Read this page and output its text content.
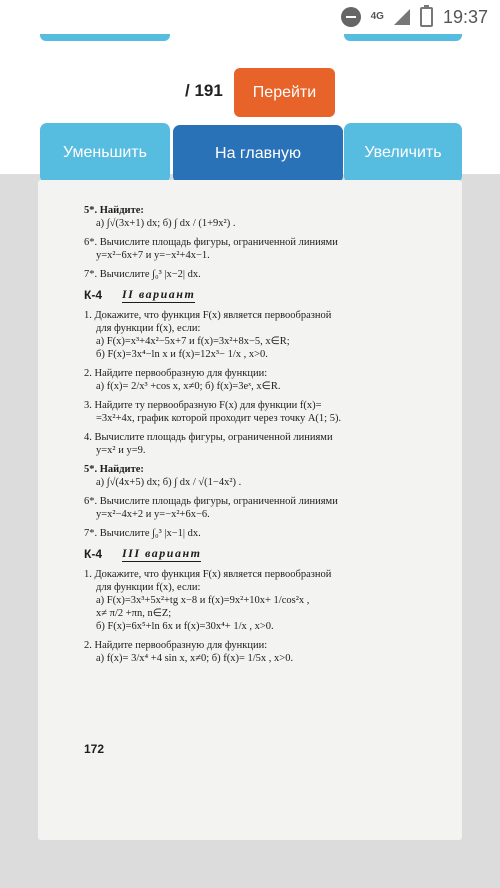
4G	19:37
/ 191	Перейти
Уменьшить	На главную	Увеличить

5*. Найдите:

а) ∫√(3x+1) dx; б) ∫ dx / (1+9x²) .

6*. Вычислите площадь фигуры, ограниченной линиями

y=x²−6x+7 и y=−x²+4x−1.

7*. Вычислите ∫₀³ |x−2| dx.

К-4 II вариант

1. Докажите, что функция F(x) является первообразной

для функции f(x), если:

а) F(x)=x³+4x²−5x+7 и f(x)=3x²+8x−5, x∈R;

б) F(x)=3x⁴−ln x и f(x)=12x³− 1/x , x>0.

2. Найдите первообразную для функции:

а) f(x)= 2/x³ +cos x, x≠0; б) f(x)=3eˣ, x∈R.

3. Найдите ту первообразную F(x) для функции f(x)=

=3x²+4x, график которой проходит через точку A(1; 5).

4. Вычислите площадь фигуры, ограниченной линиями

y=x² и y=9.

5*. Найдите:

а) ∫√(4x+5) dx; б) ∫ dx / √(1−4x²) .

6*. Вычислите площадь фигуры, ограниченной линиями

y=x²−4x+2 и y=−x²+6x−6.

7*. Вычислите ∫₀³ |x−1| dx.

К-4 III вариант

1. Докажите, что функция F(x) является первообразной

для функции f(x), если:

а) F(x)=3x³+5x²+tg x−8 и f(x)=9x²+10x+ 1/cos²x ,

x≠ π/2 +πn, n∈Z;

б) F(x)=6x⁵+ln 6x и f(x)=30x⁴+ 1/x , x>0.

2. Найдите первообразную для функции:

а) f(x)= 3/x⁴ +4 sin x, x≠0; б) f(x)= 1/5x , x>0.

172
